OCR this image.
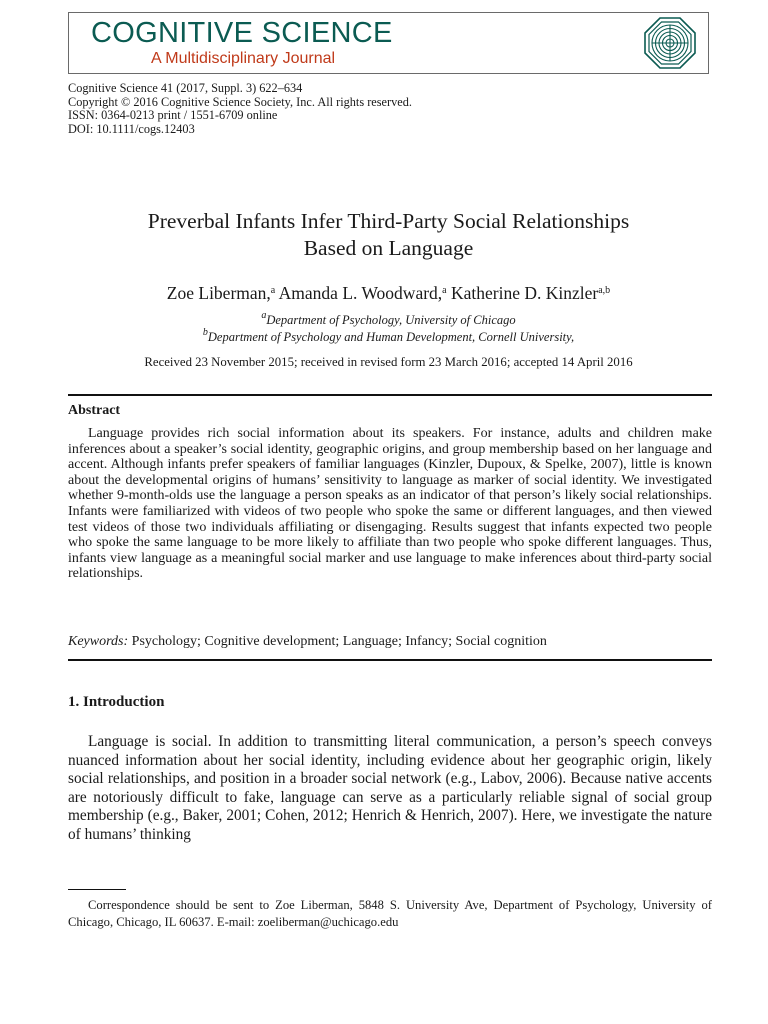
COGNITIVE SCIENCE
A Multidisciplinary Journal
Cognitive Science 41 (2017, Suppl. 3) 622–634
Copyright © 2016 Cognitive Science Society, Inc. All rights reserved.
ISSN: 0364-0213 print / 1551-6709 online
DOI: 10.1111/cogs.12403
Preverbal Infants Infer Third-Party Social Relationships
Based on Language
Zoe Liberman,$^a$ Amanda L. Woodward,$^a$ Katherine D. Kinzler$^{a,b}$
$^a$Department of Psychology, University of Chicago
$^b$Department of Psychology and Human Development, Cornell University,
Received 23 November 2015; received in revised form 23 March 2016; accepted 14 April 2016
Abstract
Language provides rich social information about its speakers. For instance, adults and children make inferences about a speaker’s social identity, geographic origins, and group membership based on her language and accent. Although infants prefer speakers of familiar languages (Kinzler, Dupoux, & Spelke, 2007), little is known about the developmental origins of humans’ sensitivity to language as marker of social identity. We investigated whether 9-month-olds use the language a person speaks as an indicator of that person’s likely social relationships. Infants were familiarized with videos of two people who spoke the same or different languages, and then viewed test videos of those two individuals affiliating or disengaging. Results suggest that infants expected two people who spoke the same language to be more likely to affiliate than two people who spoke different languages. Thus, infants view language as a meaningful social marker and use language to make inferences about third-party social relationships.
Keywords: Psychology; Cognitive development; Language; Infancy; Social cognition
1. Introduction
Language is social. In addition to transmitting literal communication, a person’s speech conveys nuanced information about her social identity, including evidence about her geographic origin, likely social relationships, and position in a broader social network (e.g., Labov, 2006). Because native accents are notoriously difficult to fake, language can serve as a particularly reliable signal of social group membership (e.g., Baker, 2001; Cohen, 2012; Henrich & Henrich, 2007). Here, we investigate the nature of humans’ thinking
Correspondence should be sent to Zoe Liberman, 5848 S. University Ave, Department of Psychology, University of Chicago, Chicago, IL 60637. E-mail: zoeliberman@uchicago.edu
